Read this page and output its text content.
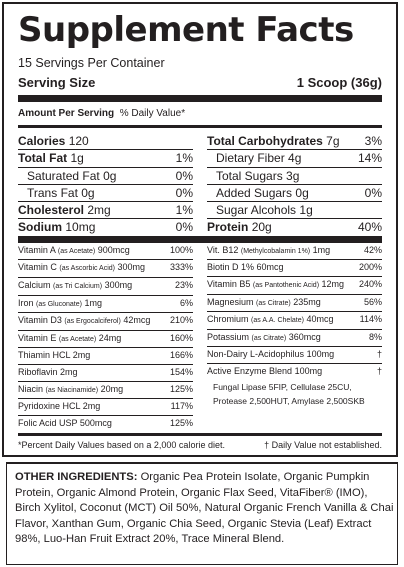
Supplement Facts
15 Servings Per Container
Serving Size	1 Scoop (36g)
Amount Per Serving % Daily Value*
Calories 120
Total Fat 1g	1%
Saturated Fat 0g	0%
Trans Fat 0g	0%
Cholesterol 2mg	1%
Sodium 10mg	0%
Total Carbohydrates 7g 3%
Dietary Fiber 4g	14%
Total Sugars 3g
Added Sugars 0g	0%
Sugar Alcohols 1g
Protein 20g	40%
Vitamin A (as Acetate) 900mcg	100%
Vitamin C (as Ascorbic Acid) 300mg	333%
Calcium (as Tri Calcium) 300mg	23%
Iron (as Gluconate) 1mg	6%
Vitamin D3 (as Ergocalciferol) 42mcg 210%
Vitamin E (as Acetate) 24mg	160%
Thiamin HCL 2mg	166%
Riboflavin 2mg	154%
Niacin (as Niacinamide) 20mg	125%
Pyridoxine HCL 2mg	117%
Folic Acid USP 500mcg	125%
Vit. B12 (Methylcobalamin 1%) 1mg	42%
Biotin D 1% 60mcg	200%
Vitamin B5 (as Pantothenic Acid) 12mg 240%
Magnesium (as Citrate) 235mg	56%
Chromium (as A.A. Chelate) 40mcg	114%
Potassium (as Citrate) 360mcg	8%
Non-Dairy L-Acidophilus 100mg	†
Active Enzyme Blend 100mg	†
Fungal Lipase 5FIP, Cellulase 25CU,
Protease 2,500HUT, Amylase 2,500SKB
*Percent Daily Values based on a 2,000 calorie diet.	† Daily Value not established.
OTHER INGREDIENTS: Organic Pea Protein Isolate, Organic Pumpkin
Protein, Organic Almond Protein, Organic Flax Seed, VitaFiber® (IMO),
Birch Xylitol, Coconut (MCT) Oil 50%, Natural Organic French Vanilla & Chai
Flavor, Xanthan Gum, Organic Chia Seed, Organic Stevia (Leaf) Extract
98%, Luo-Han Fruit Extract 20%, Trace Mineral Blend.
